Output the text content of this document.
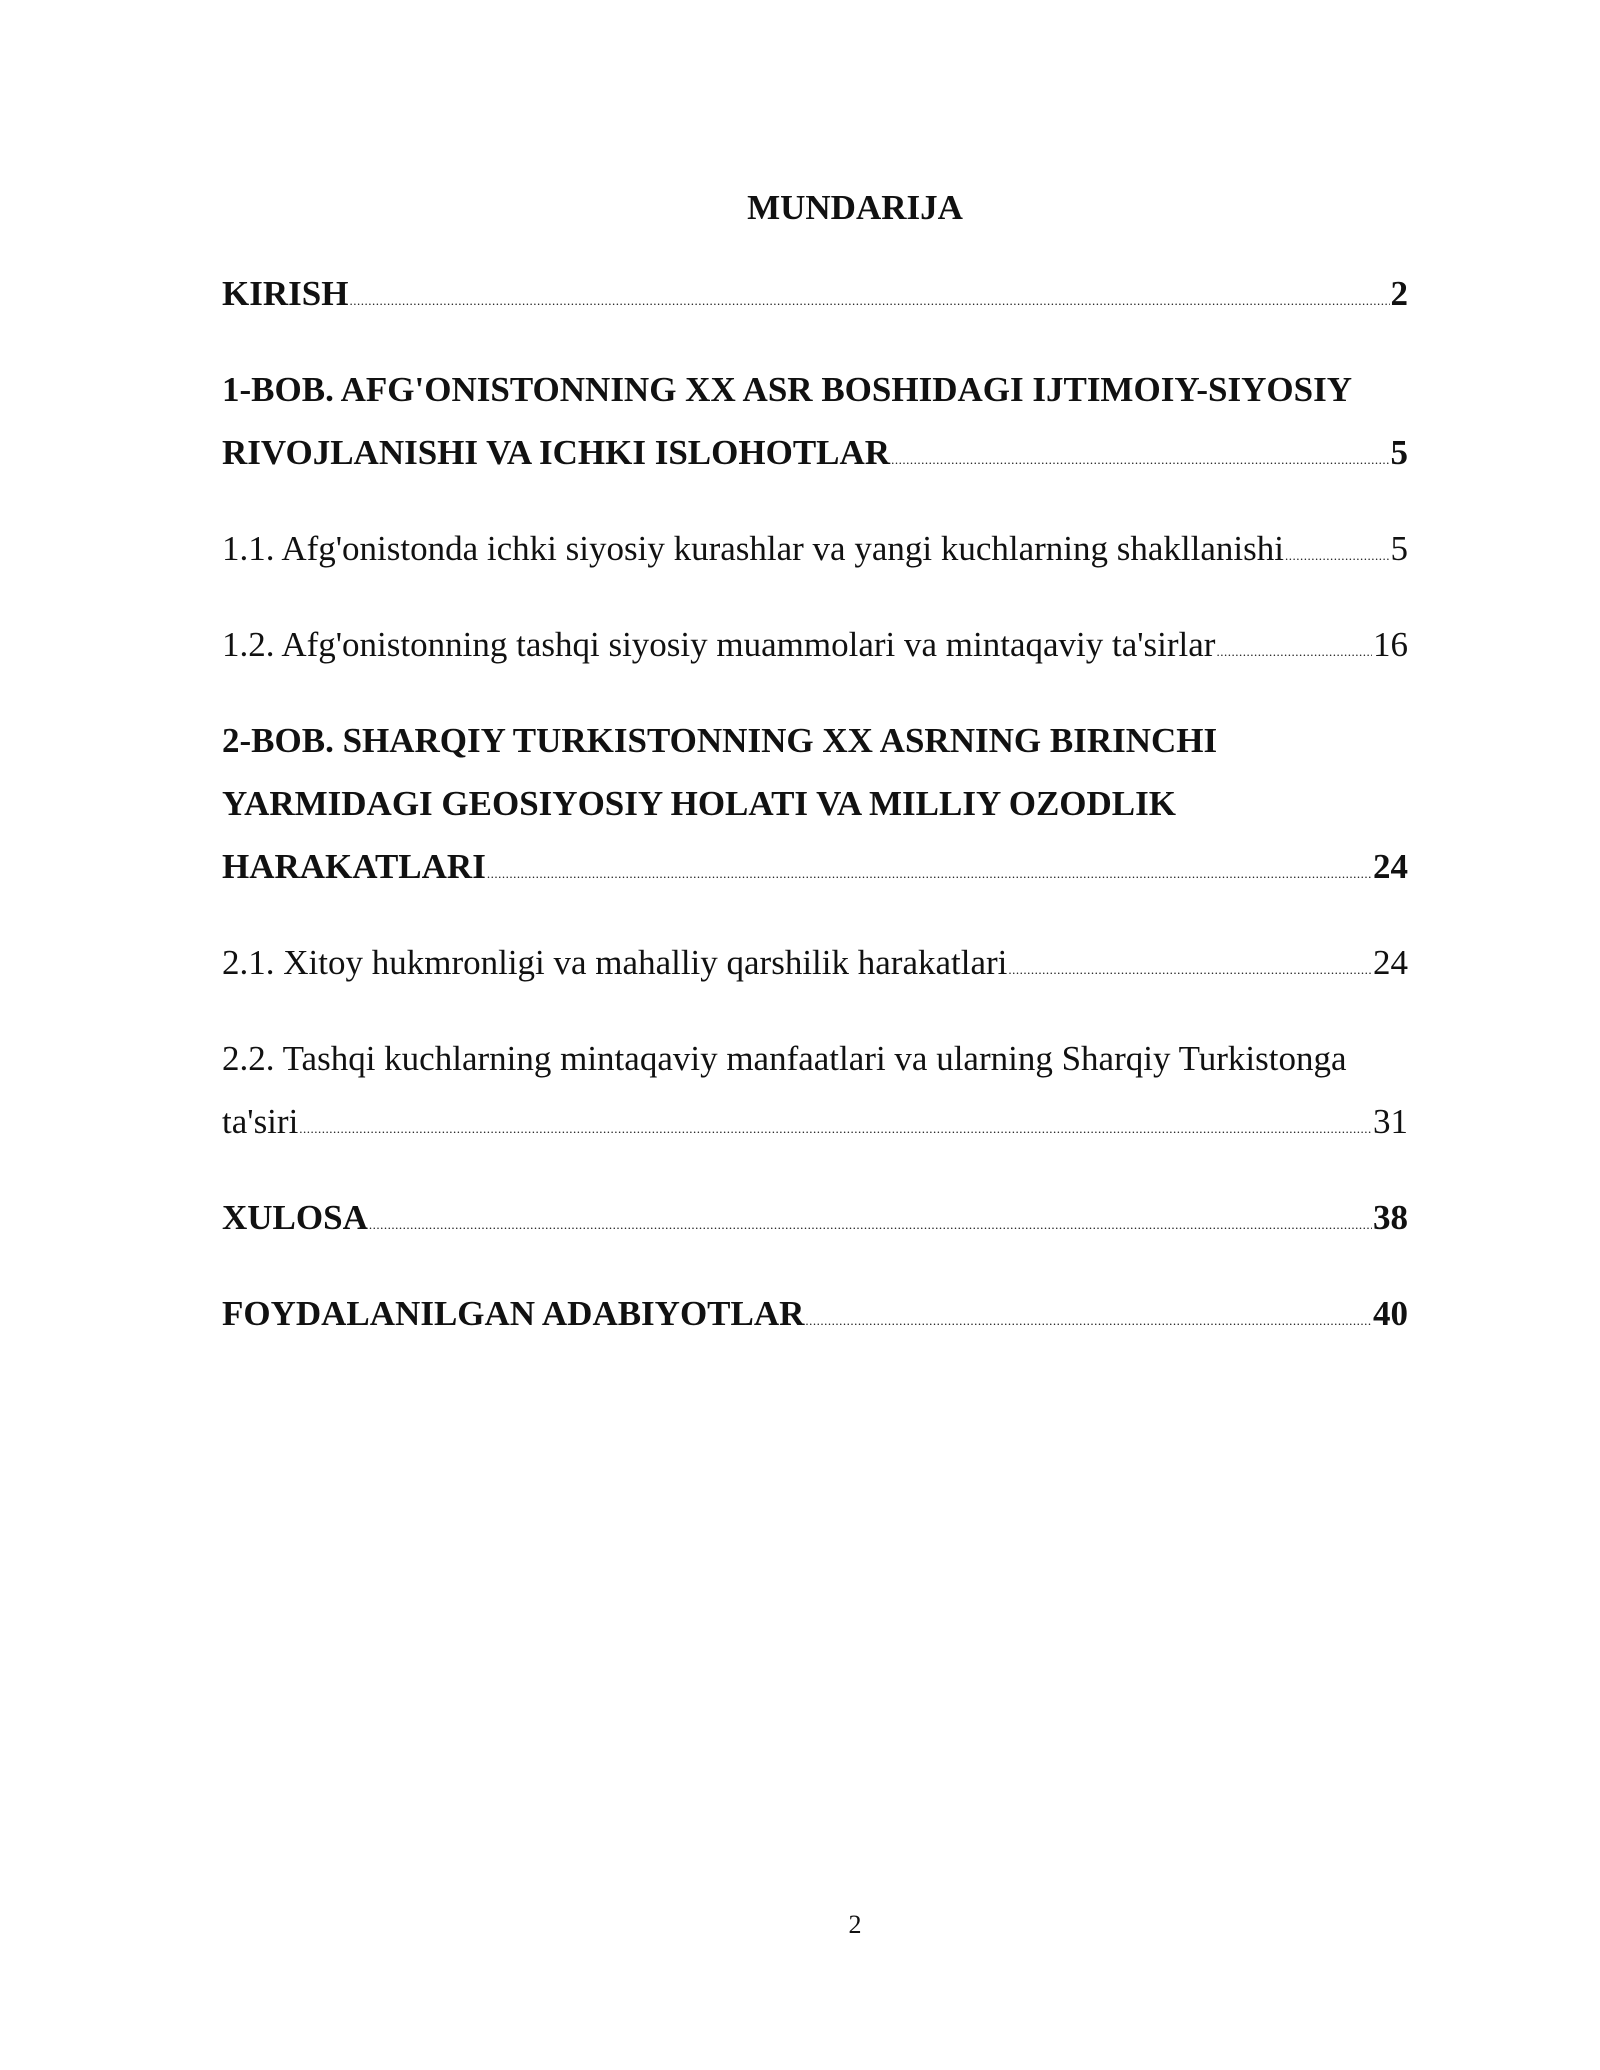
MUNDARIJA
KIRISH .....	2
1-BOB. AFG'ONISTONNING XX ASR BOSHIDAGI IJTIMOIY-SIYOSIY
RIVOJLANISHI VA ICHKI ISLOHOTLAR .....	5
1.1. Afg'onistonda ichki siyosiy kurashlar va yangi kuchlarning shakllanishi .....	5
1.2. Afg'onistonning tashqi siyosiy muammolari va mintaqaviy ta'sirlar .....	16
2-BOB. SHARQIY TURKISTONNING XX ASRNING BIRINCHI
YARMIDAGI GEOSIYOSIY HOLATI VA MILLIY OZODLIK
HARAKATLARI .....	24
2.1. Xitoy hukmronligi va mahalliy qarshilik harakatlari .....	24
2.2. Tashqi kuchlarning mintaqaviy manfaatlari va ularning Sharqiy Turkistonga
ta'siri .....	31
XULOSA .....	38
FOYDALANILGAN ADABIYOTLAR .....	40
2
